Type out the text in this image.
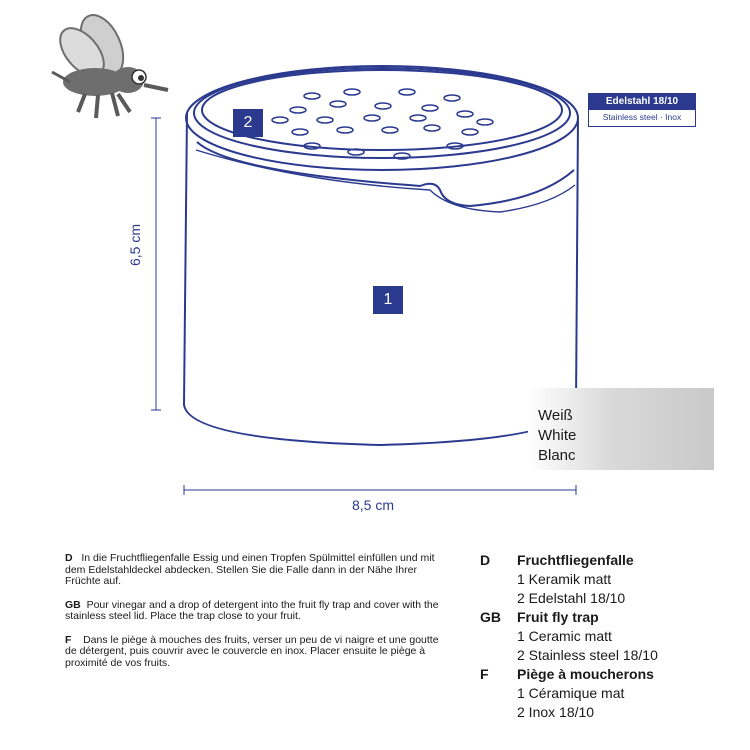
2
1
Edelstahl 18/10
Stainless steel · Inox
6,5 cm
8,5 cm
Weiß
White
Blanc

D In die Fruchtfliegenfalle Essig und einen Tropfen Spülmittel einfüllen und mit dem Edelstahldeckel abdecken. Stellen Sie die Falle dann in der Nähe Ihrer Früchte auf.

GB Pour vinegar and a drop of detergent into the fruit fly trap and cover with the stainless steel lid. Place the trap close to your fruit.

F Dans le piège à mouches des fruits, verser un peu de vi naigre et une goutte de détergent, puis couvrir avec le couvercle en inox. Placer ensuite le piège à proximité de vos fruits.

D	Fruchtfliegenfalle
1 Keramik matt
2 Edelstahl 18/10
GB	Fruit fly trap
1 Ceramic matt
2 Stainless steel 18/10
F	Piège à moucherons
1 Céramique mat
2 Inox 18/10
